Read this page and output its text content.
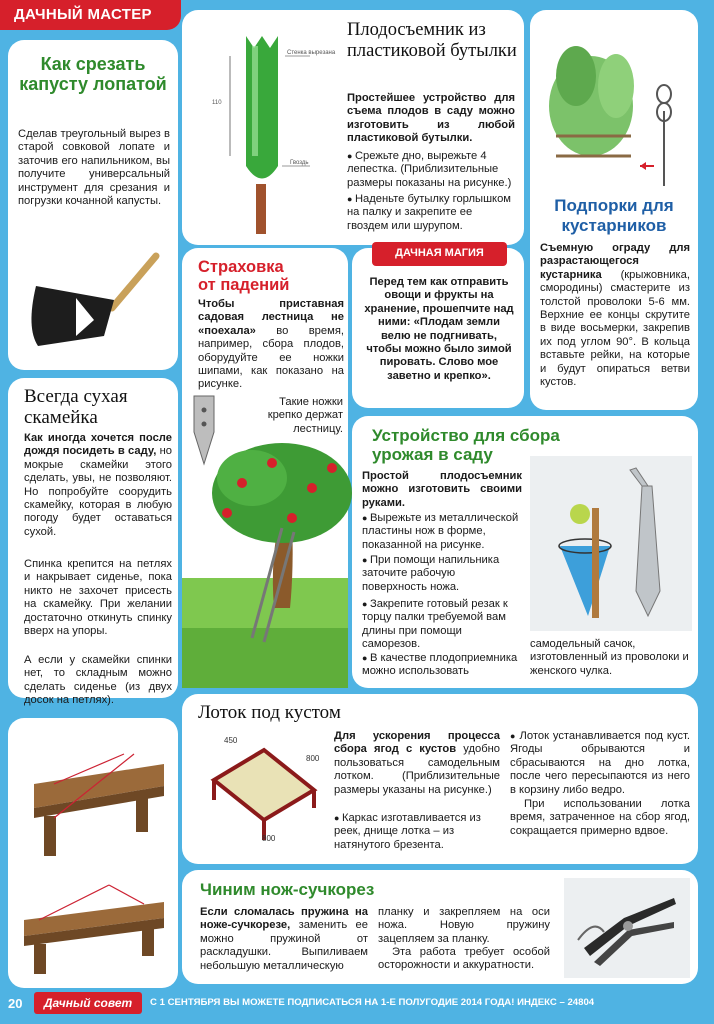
ДАЧНЫЙ МАСТЕР
Как срезать капусту лопатой
Сделав треугольный вырез в старой совковой лопате и заточив его напильником, вы получите универсальный инструмент для срезания и погрузки кочанной капусты.
Стенка вырезана
110
Гвоздь
Плодосъемник из пластиковой бутылки
Простейшее устройство для съема плодов в саду можно изготовить из любой пластиковой бутылки.
● Срежьте дно, вырежьте 4 лепестка. (Приблизительные размеры показаны на рисунке.)
● Наденьте бутылку горлышком на палку и закрепите ее гвоздем или шурупом.
Подпорки для кустарников
Съемную ограду для разрастающегося кустарника (крыжовника, смородины) смастерите из толстой проволоки 5-6 мм. Верхние ее концы скрутите в виде восьмерки, закрепив их под углом 90°. В кольца вставьте рейки, на которые и будут опираться ветви кустов.
Страховка от падений
Чтобы приставная садовая лестница не «поехала» во время, например, сбора плодов, оборудуйте ее ножки шипами, как показано на рисунке.
Такие ножки крепко держат лестницу.
ДАЧНАЯ МАГИЯ
Перед тем как отправить овощи и фрукты на хранение, прошепчите над ними: «Плодам земли велю не подгнивать, чтобы можно было зимой пировать. Слово мое заветно и крепко».
Всегда сухая скамейка
Как иногда хочется после дождя посидеть в саду, но мокрые скамейки этого сделать, увы, не позволяют. Но попробуйте соорудить скамейку, которая в любую погоду будет оставаться сухой.
Спинка крепится на петлях и накрывает сиденье, пока никто не захочет присесть на скамейку. При желании достаточно откинуть спинку вверх на упоры.
А если у скамейки спинки нет, то складным можно сделать сиденье (из двух досок на петлях).
Устройство для сбора урожая в саду
Простой плодосъемник можно изготовить своими руками.
● Вырежьте из металлической пластины нож в форме, показанной на рисунке.
● При помощи напильника заточите рабочую поверхность ножа.
● Закрепите готовый резак к торцу палки требуемой вам длины при помощи саморезов.
● В качестве плодоприемника можно использовать
самодельный сачок, изготовленный из проволоки и женского чулка.
Лоток под кустом
450
800
800
Для ускорения процесса сбора ягод с кустов удобно пользоваться самодельным лотком. (Приблизительные размеры указаны на рисунке.)
● Каркас изготавливается из реек, днище лотка – из натянутого брезента.
● Лоток устанавливается под куст. Ягоды обрываются и сбрасываются на дно лотка, после чего пересыпаются из него в корзину либо ведро.
При использовании лотка время, затраченное на сбор ягод, сокращается примерно вдвое.
Чиним нож-сучкорез
Если сломалась пружина на ноже-сучкорезе, заменить ее можно пружиной от раскладушки. Выпиливаем небольшую металлическую
планку и закрепляем на оси ножа. Новую пружину зацепляем за планку.
Эта работа требует особой осторожности и аккуратности.
20	Дачный совет	С 1 СЕНТЯБРЯ ВЫ МОЖЕТЕ ПОДПИСАТЬСЯ НА 1-Е ПОЛУГОДИЕ 2014 ГОДА! ИНДЕКС – 24804
